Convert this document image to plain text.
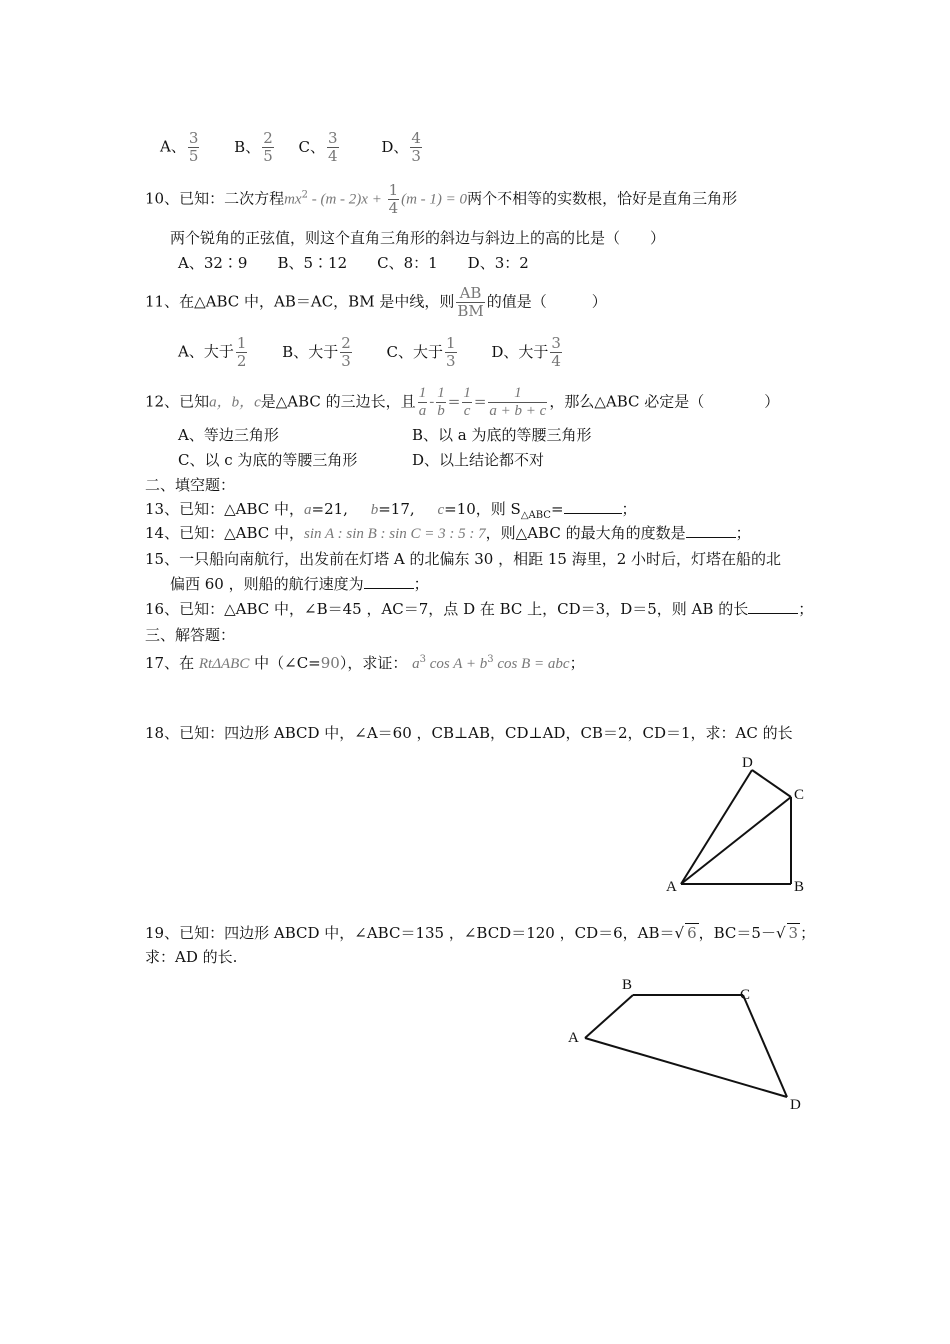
A、 $\frac{3}{5}$ B、 $\frac{2}{5}$ C、 $\frac{3}{4}$	D、 $\frac{4}{3}$
10、已知：二次方程$mx^2 - (m - 2)x + \frac{1}{4} (m - 1) = 0$两个不相等的实数根，恰好是直角三角形
两个锐角的正弦值，则这个直角三角形的斜边与斜边上的高的比是（　　）
A、32∶9　　B、5∶12　　C、8：1　　D、3：2
11、在△ABC 中，AB＝AC，BM 是中线，则 $\frac{AB}{BM}$ 的值是（　　　）
A、大于 $\frac{1}{2}$ B、大于 $\frac{2}{3}$ C、大于 $\frac{1}{3}$ D、大于 $\frac{3}{4}$
12、已知a，b，c是△ABC 的三边长，且 $\frac{1}{a} - \frac{1}{b} = \frac{1}{c} = \frac{1}{a + b + c}$ ，那么△ABC 必定是（　　　　）
A、等边三角形	B、以 a 为底的等腰三角形
C、以 c 为底的等腰三角形	D、以上结论都不对
二、填空题：
13、已知：△ABC 中，a=21, b=17, c=10，则 $S_{\triangle ABC}=$	；
14、已知：△ABC 中，sin A : sin B : sin C = 3 : 5 : 7，则△ABC 的最大角的度数是	；
15、一只船向南航行，出发前在灯塔 A 的北偏东 30 ，相距 15 海里，2 小时后，灯塔在船的北
偏西 60 ，则船的航行速度为	；
16、已知：△ABC 中，∠B＝45 ，AC＝7，点 D 在 BC 上，CD＝3，D＝5，则 AB 的长	；
三、解答题：
17、在 RtΔABC 中（∠C=90），求证： $a^3$ $\cos A + b^3$ cos B = abc；
18、已知：四边形 ABCD 中，∠A＝60 ，CB⊥AB，CD⊥AD，CB＝2，CD＝1，求：AC 的长
A	B
C
D
19、已知：四边形 ABCD 中，∠ABC＝135 ，∠BCD＝120 ，CD＝6，AB＝√ 6 ，BC＝5－√ 3 ；
求：AD 的长.
A
B
C
D
